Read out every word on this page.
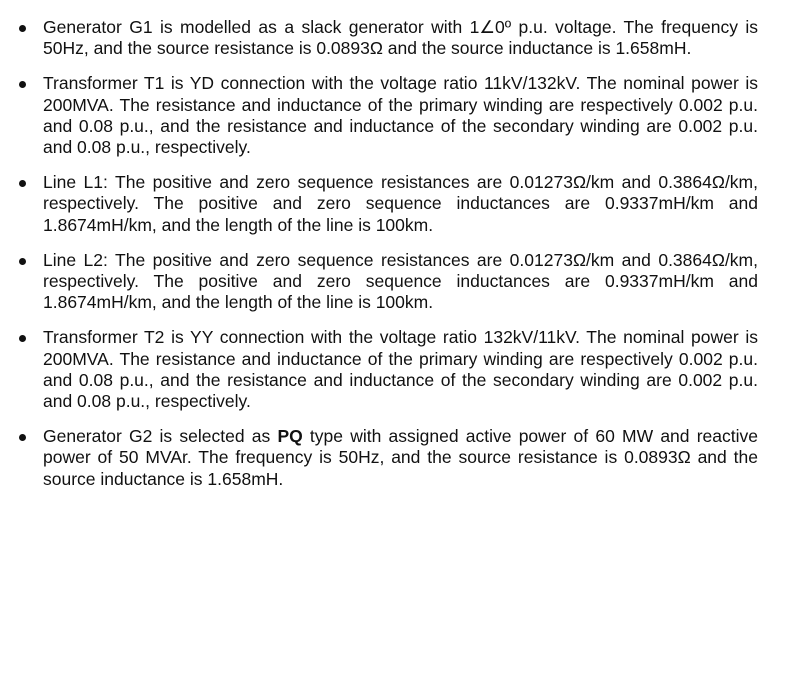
Generator G1 is modelled as a slack generator with 1∠0º p.u. voltage. The frequency is 50Hz, and the source resistance is 0.0893Ω and the source inductance is 1.658mH.
Transformer T1 is YD connection with the voltage ratio 11kV/132kV. The nominal power is 200MVA. The resistance and inductance of the primary winding are respectively 0.002 p.u. and 0.08 p.u., and the resistance and inductance of the secondary winding are 0.002 p.u. and 0.08 p.u., respectively.
Line L1: The positive and zero sequence resistances are 0.01273Ω/km and 0.3864Ω/km, respectively. The positive and zero sequence inductances are 0.9337mH/km and 1.8674mH/km, and the length of the line is 100km.
Line L2: The positive and zero sequence resistances are 0.01273Ω/km and 0.3864Ω/km, respectively. The positive and zero sequence inductances are 0.9337mH/km and 1.8674mH/km, and the length of the line is 100km.
Transformer T2 is YY connection with the voltage ratio 132kV/11kV. The nominal power is 200MVA. The resistance and inductance of the primary winding are respectively 0.002 p.u. and 0.08 p.u., and the resistance and inductance of the secondary winding are 0.002 p.u. and 0.08 p.u., respectively.
Generator G2 is selected as PQ type with assigned active power of 60 MW and reactive power of 50 MVAr. The frequency is 50Hz, and the source resistance is 0.0893Ω and the source inductance is 1.658mH.
